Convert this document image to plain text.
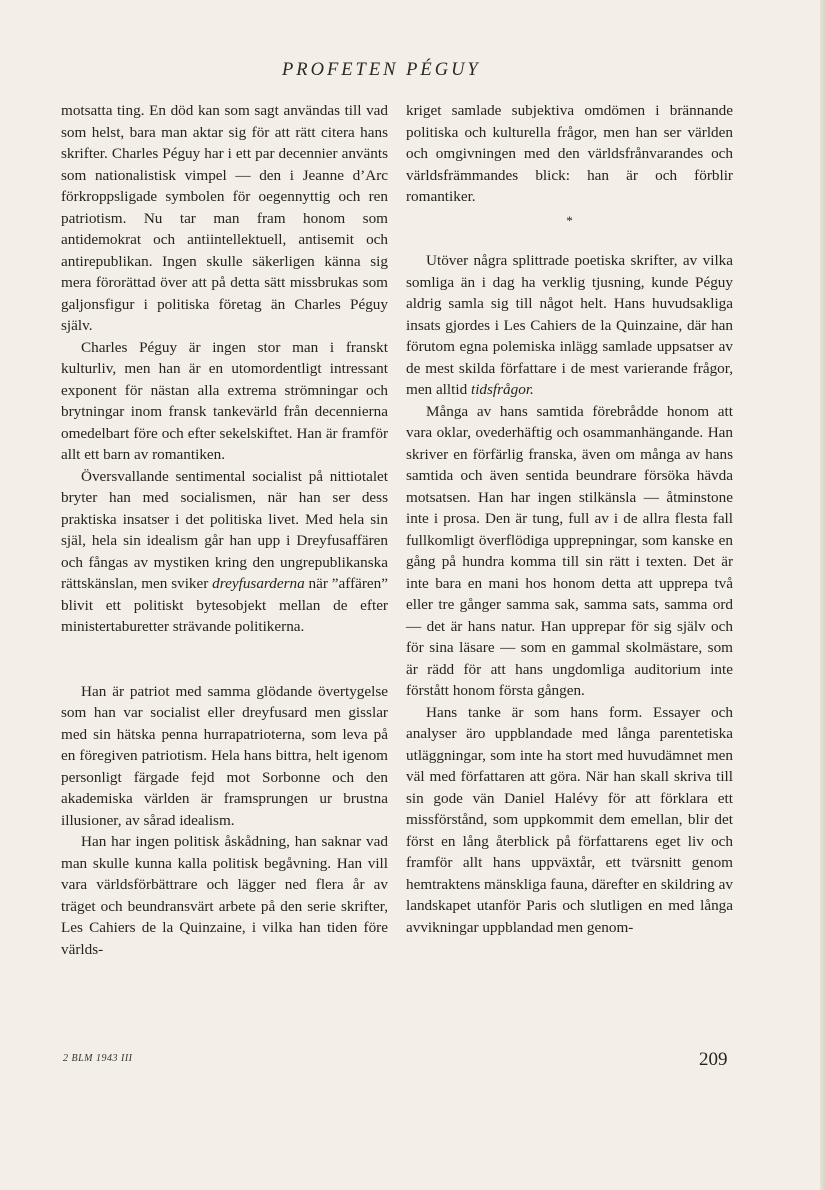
PROFETEN PÉGUY

motsatta ting. En död kan som sagt användas till vad som helst, bara man aktar sig för att rätt citera hans skrifter. Charles Péguy har i ett par decennier använts som nationalistisk vimpel — den i Jeanne d’Arc förkroppsligade symbolen för oegennyttig och ren patriotism. Nu tar man fram honom som antidemokrat och antiintellektuell, antisemit och antirepublikan. Ingen skulle säkerligen känna sig mera förorättad över att på detta sätt missbrukas som galjonsfigur i politiska företag än Charles Péguy själv.

Charles Péguy är ingen stor man i franskt kulturliv, men han är en utomordentligt intressant exponent för nästan alla extrema strömningar och brytningar inom fransk tankevärld från decennierna omedelbart före och efter sekelskiftet. Han är framför allt ett barn av romantiken.

Översvallande sentimental socialist på nittiotalet bryter han med socialismen, när han ser dess praktiska insatser i det politiska livet. Med hela sin själ, hela sin idealism går han upp i Dreyfusaffären och fångas av mystiken kring den ungrepublikanska rättskänslan, men sviker dreyfusarderna när ”affären” blivit ett politiskt bytesobjekt mellan de efter ministertaburetter strävande politikerna.

Han är patriot med samma glödande övertygelse som han var socialist eller dreyfusard men gisslar med sin hätska penna hurrapatrioterna, som leva på en föregiven patriotism. Hela hans bittra, helt igenom personligt färgade fejd mot Sorbonne och den akademiska världen är framsprungen ur brustna illusioner, av sårad idealism.

Han har ingen politisk åskådning, han saknar vad man skulle kunna kalla politisk begåvning. Han vill vara världsförbättrare och lägger ned flera år av träget och beundransvärt arbete på den serie skrifter, Les Cahiers de la Quinzaine, i vilka han tiden före världs-

kriget samlade subjektiva omdömen i brännande politiska och kulturella frågor, men han ser världen och omgivningen med den världsfrånvarandes och världsfrämmandes blick: han är och förblir romantiker.

*

Utöver några splittrade poetiska skrifter, av vilka somliga än i dag ha verklig tjusning, kunde Péguy aldrig samla sig till något helt. Hans huvudsakliga insats gjordes i Les Cahiers de la Quinzaine, där han förutom egna polemiska inlägg samlade uppsatser av de mest skilda författare i de mest varierande frågor, men alltid tidsfrågor.

Många av hans samtida förebrådde honom att vara oklar, ovederhäftig och osammanhängande. Han skriver en förfärlig franska, även om många av hans samtida och även sentida beundrare försöka hävda motsatsen. Han har ingen stilkänsla — åtminstone inte i prosa. Den är tung, full av i de allra flesta fall fullkomligt överflödiga upprepningar, som kanske en gång på hundra komma till sin rätt i texten. Det är inte bara en mani hos honom detta att upprepa två eller tre gånger samma sak, samma sats, samma ord — det är hans natur. Han upprepar för sig själv och för sina läsare — som en gammal skolmästare, som är rädd för att hans ungdomliga auditorium inte förstått honom första gången.

Hans tanke är som hans form. Essayer och analyser äro uppblandade med långa parentetiska utläggningar, som inte ha stort med huvudämnet men väl med författaren att göra. När han skall skriva till sin gode vän Daniel Halévy för att förklara ett missförstånd, som uppkommit dem emellan, blir det först en lång återblick på författarens eget liv och framför allt hans uppväxtår, ett tvärsnitt genom hemtraktens mänskliga fauna, därefter en skildring av landskapet utanför Paris och slutligen en med långa avvikningar uppblandad men genom-

2 BLM 1943 III	209
